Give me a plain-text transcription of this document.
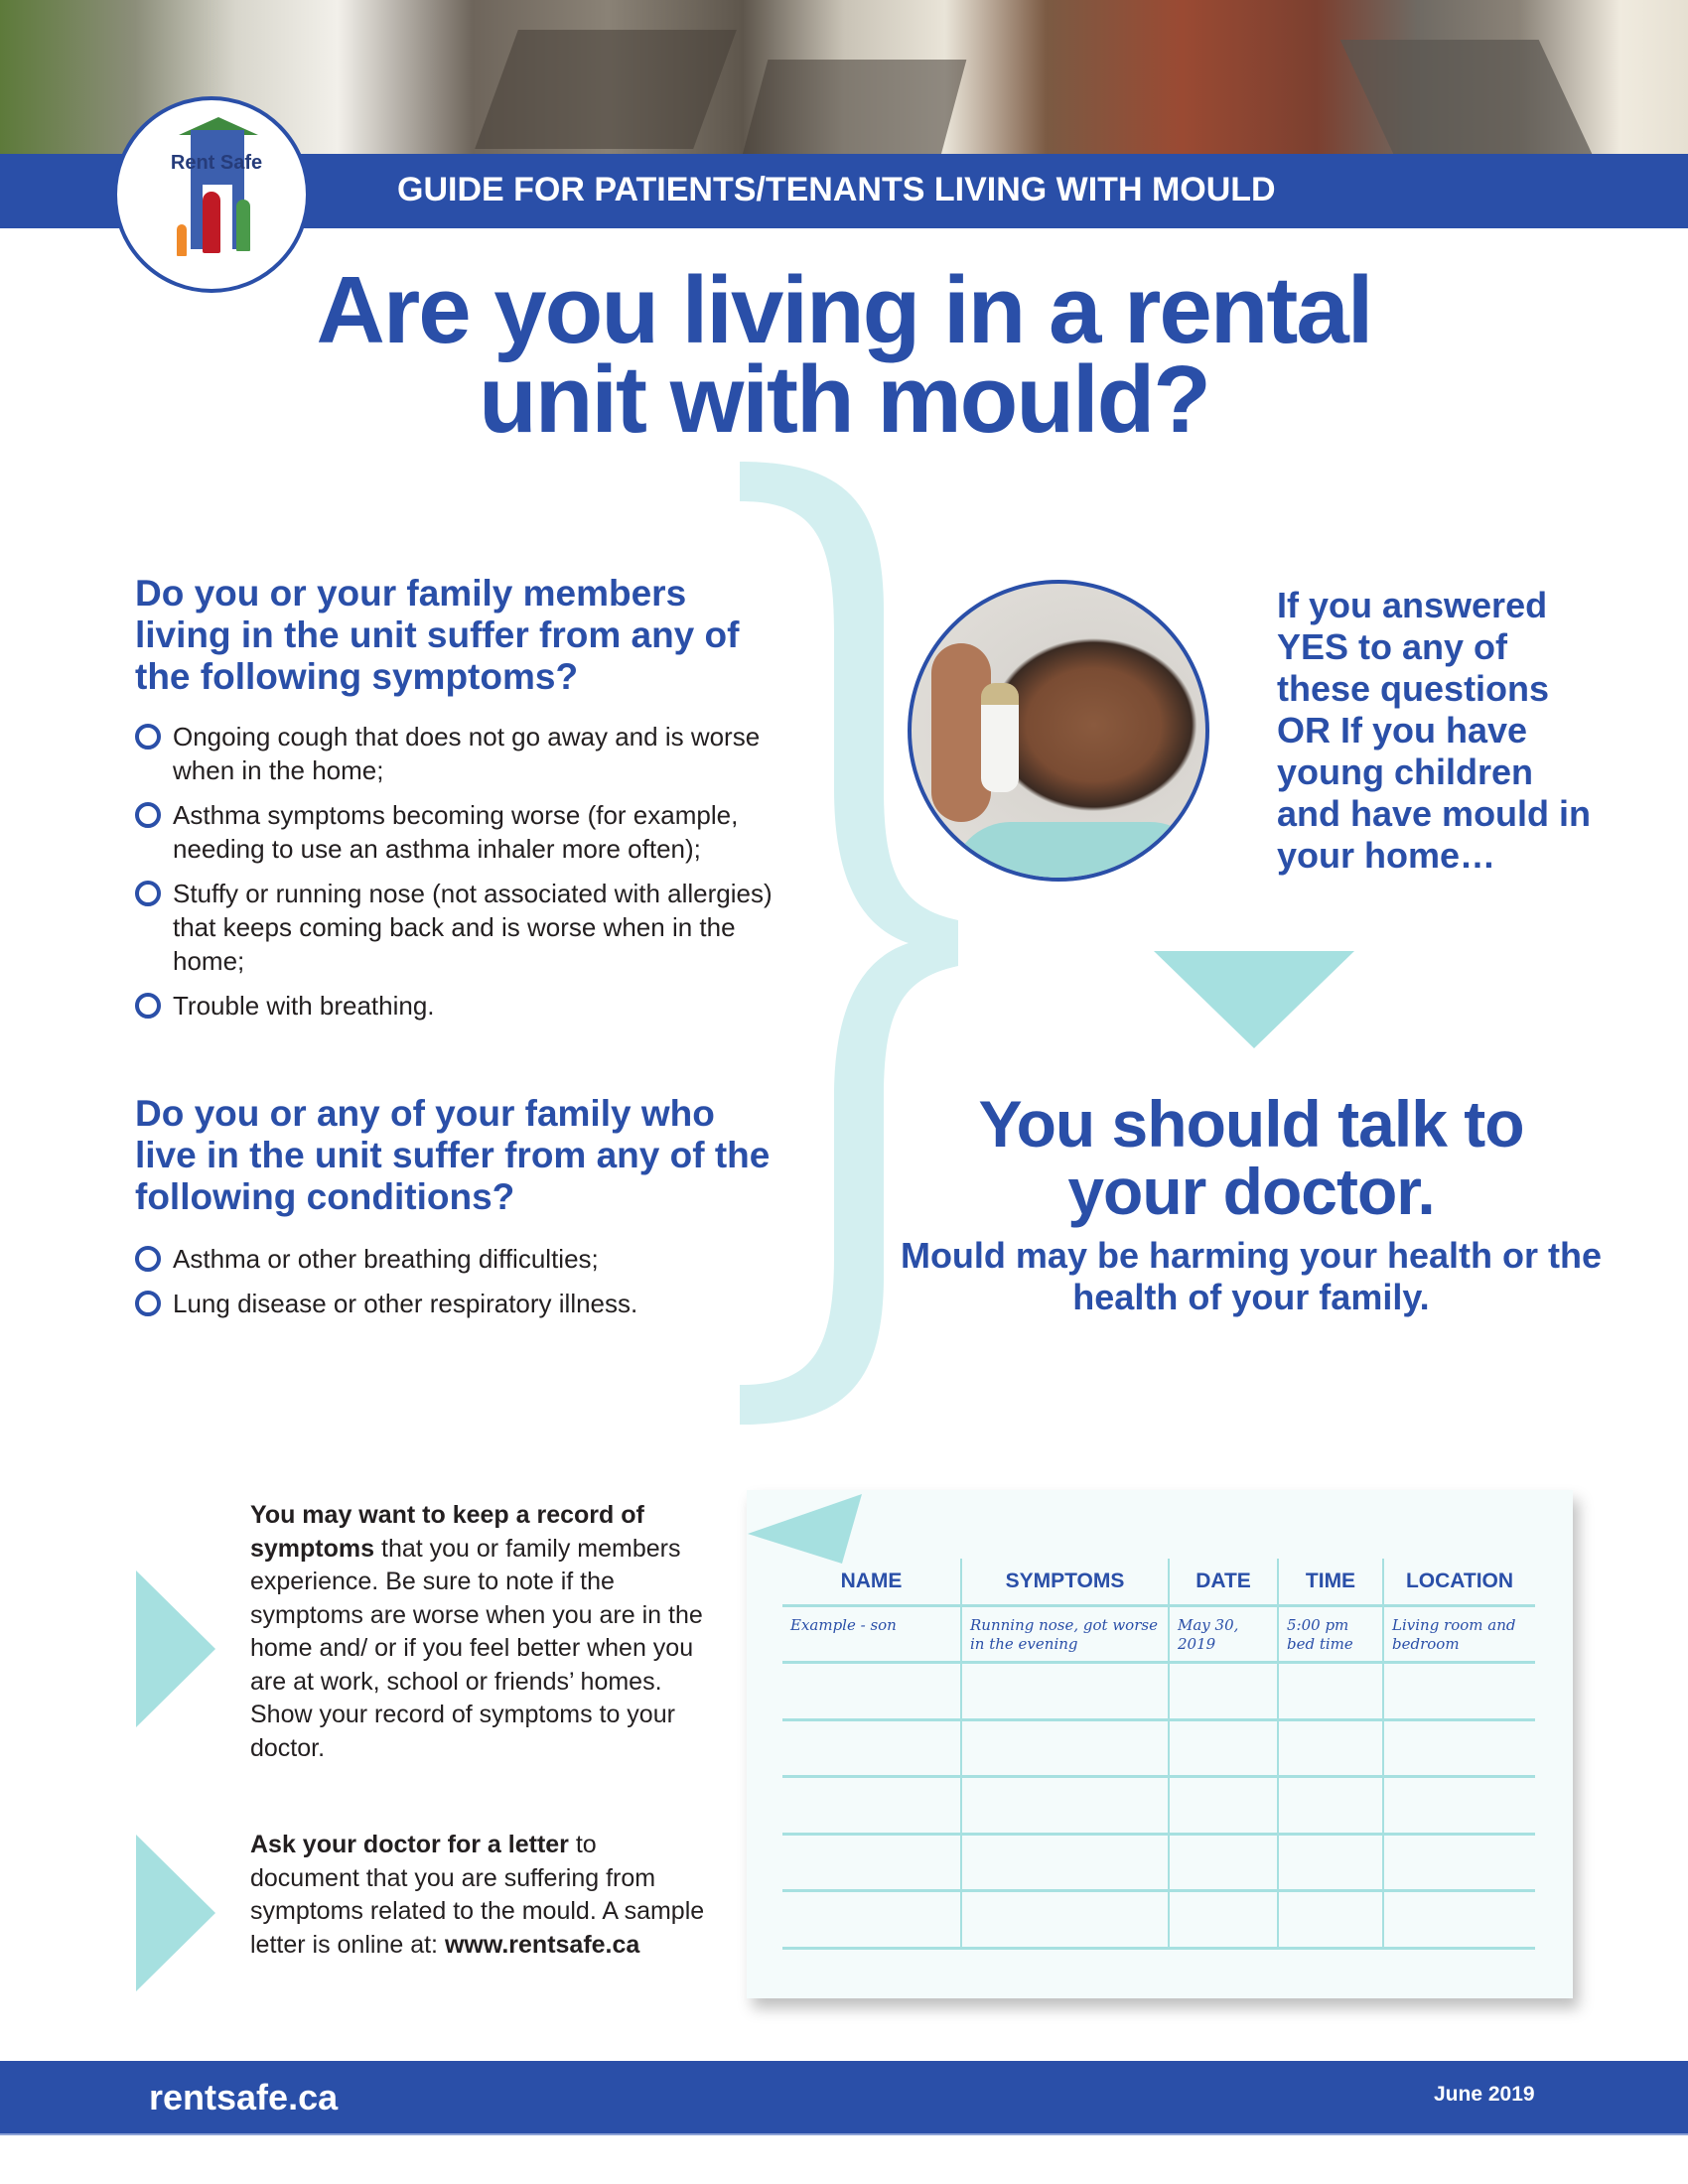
GUIDE FOR PATIENTS/TENANTS LIVING WITH MOULD
Rent Safe
Are you living in a rental
unit with mould?
Do you or your family members living in the unit suffer from any of the following symptoms?
Ongoing cough that does not go away and is worse when in the home;
Asthma symptoms becoming worse (for example, needing to use an asthma inhaler more often);
Stuffy or running nose (not associated with allergies) that keeps coming back and is worse when in the home;
Trouble with breathing.
Do you or any of your family who live in the unit suffer from any of the following conditions?
Asthma or other breathing difficulties;
Lung disease or other respiratory illness.

If you answered YES to any of these questions OR If you have young children and have mould in your home…

You should talk to
your doctor.

Mould may be harming your health or the health of your family.

You may want to keep a record of symptoms that you or family members experience. Be sure to note if the symptoms are worse when you are in the home and/ or if you feel better when you are at work, school or friends’ homes. Show your record of symptoms to your doctor.

Ask your doctor for a letter to document that you are suffering from symptoms related to the mould. A sample letter is online at: www.rentsafe.ca

NAME	SYMPTOMS	DATE	TIME	LOCATION
Example - son	Running nose, got worse in the evening	May 30, 2019	5:00 pm bed time	Living room and bedroom

rentsafe.ca	June 2019
